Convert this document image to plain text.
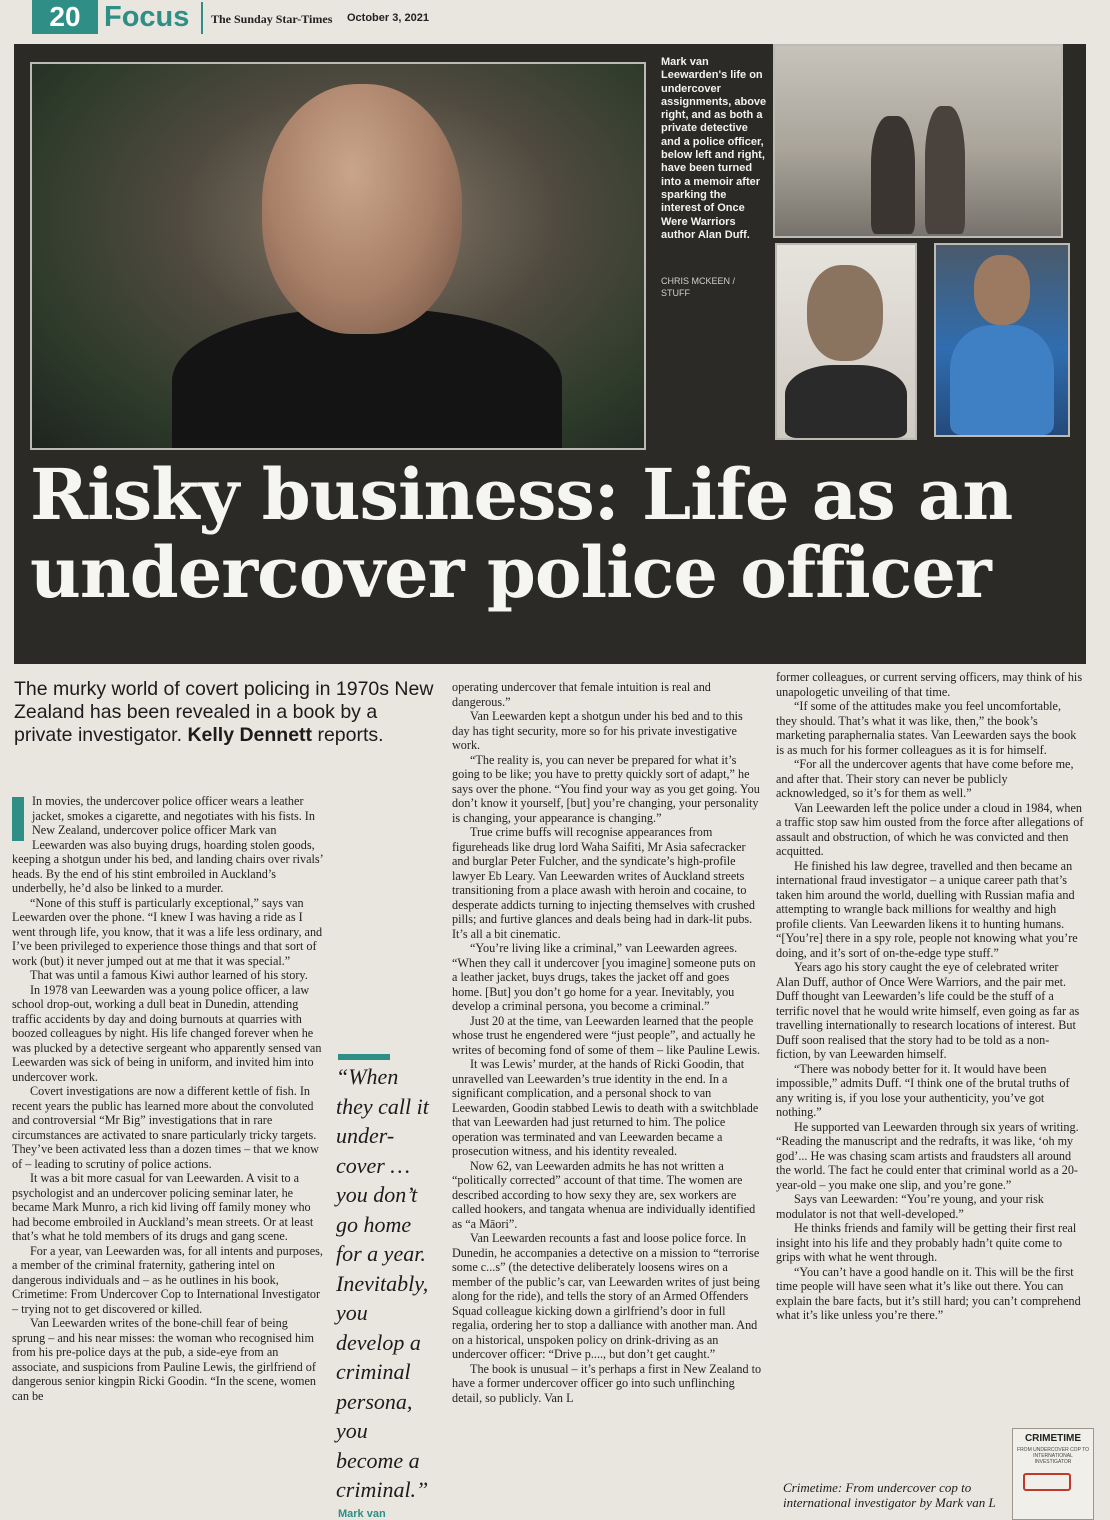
20 Focus The Sunday Star-Times October 3, 2021

Mark van Leewarden's life on undercover assignments, above right, and as both a private detective and a police officer, below left and right, have been turned into a memoir after sparking the interest of Once Were Warriors author Alan Duff.

CHRIS MCKEEN / STUFF

Risky business: Life as an undercover police officer

The murky world of covert policing in 1970s New Zealand has been revealed in a book by a private investigator. Kelly Dennett reports.

In movies, the undercover police officer wears a leather jacket, smokes a cigarette, and negotiates with his fists. In New Zealand, undercover police officer Mark van Leewarden was also buying drugs, hoarding stolen goods, keeping a shotgun under his bed, and landing chairs over rivals’ heads. By the end of his stint embroiled in Auckland’s underbelly, he’d also be linked to a murder.

“None of this stuff is particularly exceptional,” says van Leewarden over the phone. “I knew I was having a ride as I went through life, you know, that it was a life less ordinary, and I’ve been privileged to experience those things and that sort of work (but) it never jumped out at me that it was special.”

That was until a famous Kiwi author learned of his story.

In 1978 van Leewarden was a young police officer, a law school drop-out, working a dull beat in Dunedin, attending traffic accidents by day and doing burnouts at quarries with boozed colleagues by night. His life changed forever when he was plucked by a detective sergeant who apparently sensed van Leewarden was sick of being in uniform, and invited him into undercover work.

Covert investigations are now a different kettle of fish. In recent years the public has learned more about the convoluted and controversial “Mr Big” investigations that in rare circumstances are activated to snare particularly tricky targets. They’ve been activated less than a dozen times – that we know of – leading to scrutiny of police actions.

It was a bit more casual for van Leewarden. A visit to a psychologist and an undercover policing seminar later, he became Mark Munro, a rich kid living off family money who had become embroiled in Auckland’s mean streets. Or at least that’s what he told members of its drugs and gang scene.

For a year, van Leewarden was, for all intents and purposes, a member of the criminal fraternity, gathering intel on dangerous individuals and – as he outlines in his book, Crimetime: From Undercover Cop to International Investigator – trying not to get discovered or killed.

Van Leewarden writes of the bone-chill fear of being sprung – and his near misses: the woman who recognised him from his pre-police days at the pub, a side-eye from an associate, and suspicions from Pauline Lewis, the girlfriend of dangerous senior kingpin Ricki Goodin. “In the scene, women can be

“When they call it under-cover … you don’t go home for a year. Inevitably, you develop a criminal persona, you become a criminal.”

Mark van

operating undercover that female intuition is real and dangerous.”

Van Leewarden kept a shotgun under his bed and to this day has tight security, more so for his private investigative work.

“The reality is, you can never be prepared for what it’s going to be like; you have to pretty quickly sort of adapt,” he says over the phone. “You find your way as you get going. You don’t know it yourself, [but] you’re changing, your personality is changing, your appearance is changing.”

True crime buffs will recognise appearances from figureheads like drug lord Waha Saifiti, Mr Asia safecracker and burglar Peter Fulcher, and the syndicate’s high-profile lawyer Eb Leary. Van Leewarden writes of Auckland streets transitioning from a place awash with heroin and cocaine, to desperate addicts turning to injecting themselves with crushed pills; and furtive glances and deals being had in dark-lit pubs. It’s all a bit cinematic.

“You’re living like a criminal,” van Leewarden agrees. “When they call it undercover [you imagine] someone puts on a leather jacket, buys drugs, takes the jacket off and goes home. [But] you don’t go home for a year. Inevitably, you develop a criminal persona, you become a criminal.”

Just 20 at the time, van Leewarden learned that the people whose trust he engendered were “just people”, and actually he writes of becoming fond of some of them – like Pauline Lewis.

It was Lewis’ murder, at the hands of Ricki Goodin, that unravelled van Leewarden’s true identity in the end. In a significant complication, and a personal shock to van Leewarden, Goodin stabbed Lewis to death with a switchblade that van Leewarden had just returned to him. The police operation was terminated and van Leewarden became a prosecution witness, and his identity revealed.

Now 62, van Leewarden admits he has not written a “politically corrected” account of that time. The women are described according to how sexy they are, sex workers are called hookers, and tangata whenua are individually identified as “a Māori”.

Van Leewarden recounts a fast and loose police force. In Dunedin, he accompanies a detective on a mission to “terrorise some c...s” (the detective deliberately loosens wires on a member of the public’s car, van Leewarden writes of just being along for the ride), and tells the story of an Armed Offenders Squad colleague kicking down a girlfriend’s door in full regalia, ordering her to stop a dalliance with another man. And on a historical, unspoken policy on drink-driving as an undercover officer: “Drive p...., but don’t get caught.”

The book is unusual – it’s perhaps a first in New Zealand to have a former undercover officer go into such unflinching detail, so publicly. Van L

former colleagues, or current serving officers, may think of his unapologetic unveiling of that time.

“If some of the attitudes make you feel uncomfortable, they should. That’s what it was like, then,” the book’s marketing paraphernalia states. Van Leewarden says the book is as much for his former colleagues as it is for himself.

“For all the undercover agents that have come before me, and after that. Their story can never be publicly acknowledged, so it’s for them as well.”

Van Leewarden left the police under a cloud in 1984, when a traffic stop saw him ousted from the force after allegations of assault and obstruction, of which he was convicted and then acquitted.

He finished his law degree, travelled and then became an international fraud investigator – a unique career path that’s taken him around the world, duelling with Russian mafia and attempting to wrangle back millions for wealthy and high profile clients. Van Leewarden likens it to hunting humans. “[You’re] there in a spy role, people not knowing what you’re doing, and it’s sort of on-the-edge type stuff.”

Years ago his story caught the eye of celebrated writer Alan Duff, author of Once Were Warriors, and the pair met. Duff thought van Leewarden’s life could be the stuff of a terrific novel that he would write himself, even going as far as travelling internationally to research locations of interest. But Duff soon realised that the story had to be told as a non-fiction, by van Leewarden himself.

“There was nobody better for it. It would have been impossible,” admits Duff. “I think one of the brutal truths of any writing is, if you lose your authenticity, you’ve got nothing.”

He supported van Leewarden through six years of writing. “Reading the manuscript and the redrafts, it was like, ‘oh my god’... He was chasing scam artists and fraudsters all around the world. The fact he could enter that criminal world as a 20-year-old – you make one slip, and you’re gone.”

Says van Leewarden: “You’re young, and your risk modulator is not that well-developed.”

He thinks friends and family will be getting their first real insight into his life and they probably hadn’t quite come to grips with what he went through.

“You can’t have a good handle on it. This will be the first time people will have seen what it’s like out there. You can explain the bare facts, but it’s still hard; you can’t comprehend what it’s like unless you’re there.”

Crimetime: From undercover cop to international investigator by Mark van L

CRIMETIME
FROM UNDERCOVER COP TO INTERNATIONAL INVESTIGATOR
